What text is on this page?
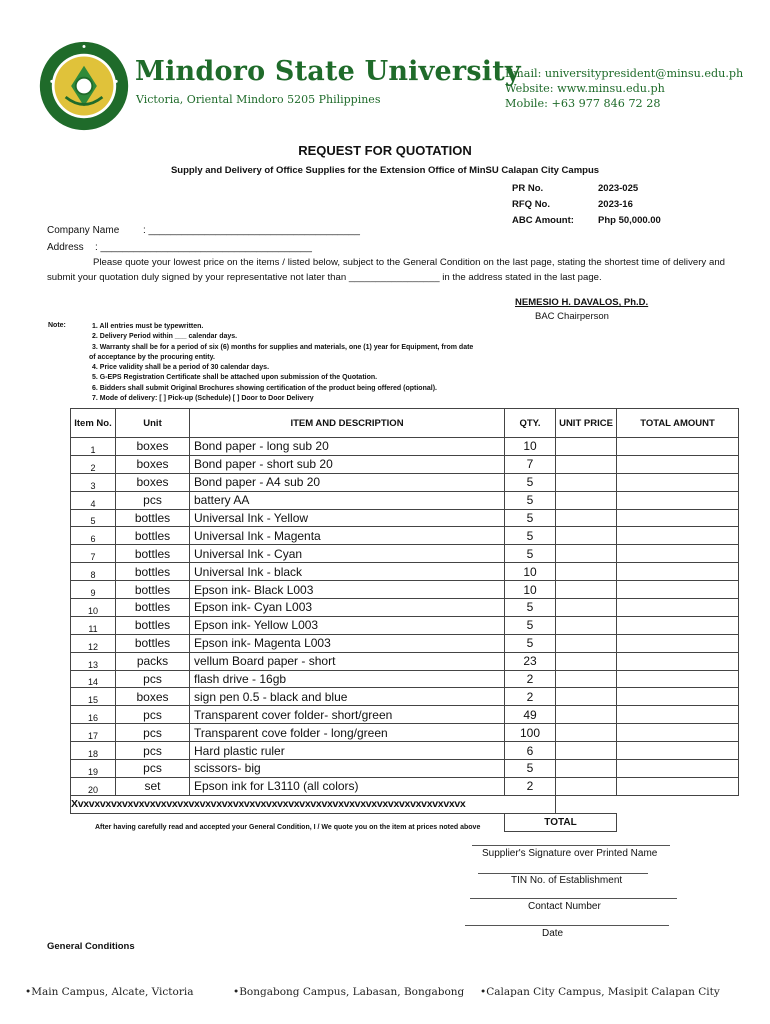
Mindoro State University
Victoria, Oriental Mindoro 5205 Philippines
Email: universitypresident@minsu.edu.ph
Website: www.minsu.edu.ph
Mobile: +63 977 846 72 28
REQUEST FOR QUOTATION
Supply and Delivery of Office Supplies for the Extension Office of MinSU Calapan City Campus
PR No.	2023-025
RFQ No.	2023-16
ABC Amount:	Php 50,000.00
Company Name : ______________________________________
Address : ______________________________________
Please quote your lowest price on the items / listed below, subject to the General Condition on the last page, stating the shortest time of delivery and submit your quotation duly signed by your representative not later than _________________ in the address stated in the last page.
NEMESIO H. DAVALOS, Ph.D.
BAC Chairperson
Note:	1. All entries must be typewritten.
2. Delivery Period within ___ calendar days.
3. Warranty shall be for a period of six (6) months for supplies and materials, one (1) year for Equipment, from date
of acceptance by the procuring entity.
4. Price validity shall be a period of 30 calendar days.
5. G-EPS Registration Certificate shall be attached upon submission of the Quotation.
6. Bidders shall submit Original Brochures showing certification of the product being offered (optional).
7. Mode of delivery: [ ] Pick-up (Schedule) [ ] Door to Door Delivery
Item No.	Unit	ITEM AND DESCRIPTION	QTY.	UNIT PRICE	TOTAL AMOUNT
1	boxes	Bond paper - long sub 20	10		
2	boxes	Bond paper - short sub 20	7		
3	boxes	Bond paper - A4 sub 20	5		
4	pcs	battery AA	5		
5	bottles	Universal Ink - Yellow	5		
6	bottles	Universal Ink - Magenta	5		
7	bottles	Universal Ink - Cyan	5		
8	bottles	Universal Ink - black	10		
9	bottles	Epson ink- Black L003	10		
10	bottles	Epson ink- Cyan L003	5		
11	bottles	Epson ink- Yellow L003	5		
12	bottles	Epson ink- Magenta L003	5		
13	packs	vellum Board paper - short	23		
14	pcs	flash drive - 16gb	2		
15	boxes	sign pen 0.5 - black and blue	2		
16	pcs	Transparent cover folder- short/green	49		
17	pcs	Transparent cove folder - long/green	100		
18	pcs	Hard plastic ruler	6		
19	pcs	scissors- big	5		
20	set	Epson ink for L3110 (all colors)	2		
Xvxvxvxvxvxvxvxvxvxvxvxvxvxvxvxvxvxvxvxvxvxvxvxvxvxvxvxvxvxvxvxvxvxvxvx					
			TOTAL		
After having carefully read and accepted your General Condition, I / We quote you on the item at prices noted above
Supplier's Signature over Printed Name
TIN No. of Establishment
Contact Number
Date
General Conditions
•Main Campus, Alcate, Victoria	•Bongabong Campus, Labasan, Bongabong •Calapan City Campus, Masipit Calapan City
